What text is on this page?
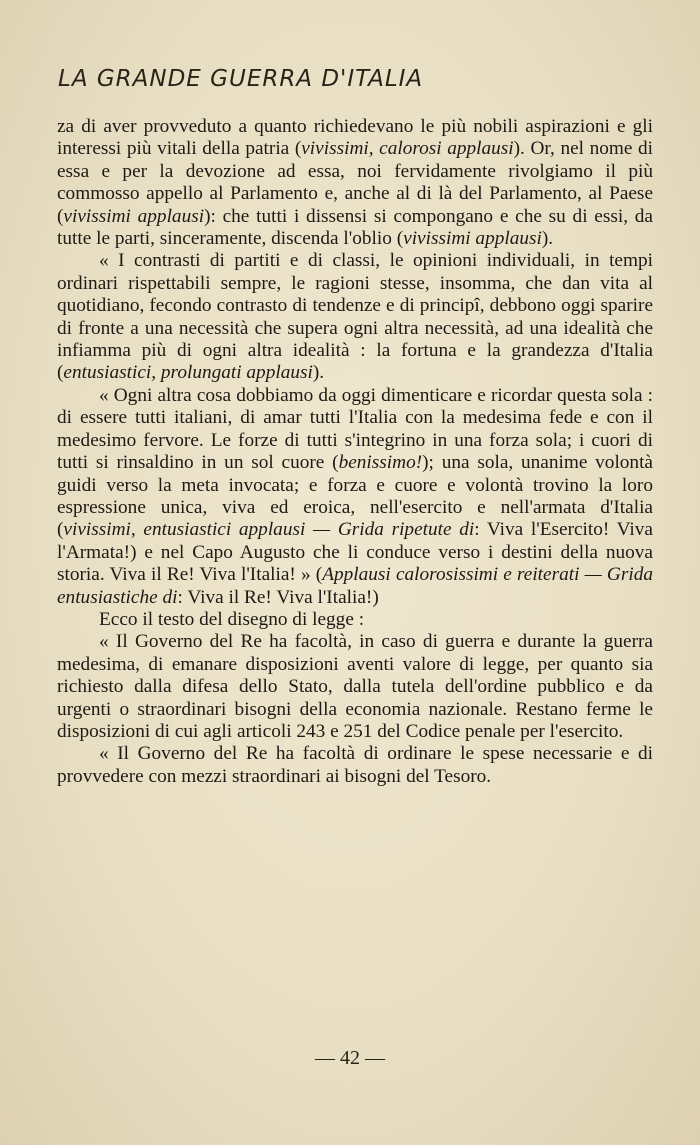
LA GRANDE GUERRA D'ITALIA

za di aver provveduto a quanto richiedevano le più nobili aspirazioni e gli interessi più vitali della patria (vivissimi, calorosi applausi). Or, nel nome di essa e per la devozione ad essa, noi fervidamente rivolgiamo il più commosso appello al Parlamento e, anche al di là del Parlamento, al Paese (vivissimi applausi): che tutti i dissensi si compongano e che su di essi, da tutte le parti, sinceramente, discenda l'oblio (vivissimi applausi).

« I contrasti di partiti e di classi, le opinioni individuali, in tempi ordinari rispettabili sempre, le ragioni stesse, insomma, che dan vita al quotidiano, fecondo contrasto di tendenze e di principî, debbono oggi sparire di fronte a una necessità che supera ogni altra necessità, ad una idealità che infiamma più di ogni altra idealità : la fortuna e la grandezza d'Italia (entusiastici, prolungati applausi).

« Ogni altra cosa dobbiamo da oggi dimenticare e ricordar questa sola : di essere tutti italiani, di amar tutti l'Italia con la medesima fede e con il medesimo fervore. Le forze di tutti s'integrino in una forza sola; i cuori di tutti si rinsaldino in un sol cuore (benissimo!); una sola, unanime volontà guidi verso la meta invocata; e forza e cuore e volontà trovino la loro espressione unica, viva ed eroica, nell'esercito e nell'armata d'Italia (vivissimi, entusiastici applausi — Grida ripetute di: Viva l'Esercito! Viva l'Armata!) e nel Capo Augusto che li conduce verso i destini della nuova storia. Viva il Re! Viva l'Italia! » (Applausi calorosissimi e reiterati — Grida entusiastiche di: Viva il Re! Viva l'Italia!)

Ecco il testo del disegno di legge :

« Il Governo del Re ha facoltà, in caso di guerra e durante la guerra medesima, di emanare disposizioni aventi valore di legge, per quanto sia richiesto dalla difesa dello Stato, dalla tutela dell'ordine pubblico e da urgenti o straordinari bisogni della economia nazionale. Restano ferme le disposizioni di cui agli articoli 243 e 251 del Codice penale per l'esercito.

« Il Governo del Re ha facoltà di ordinare le spese necessarie e di provvedere con mezzi straordinari ai bisogni del Tesoro.

— 42 —
